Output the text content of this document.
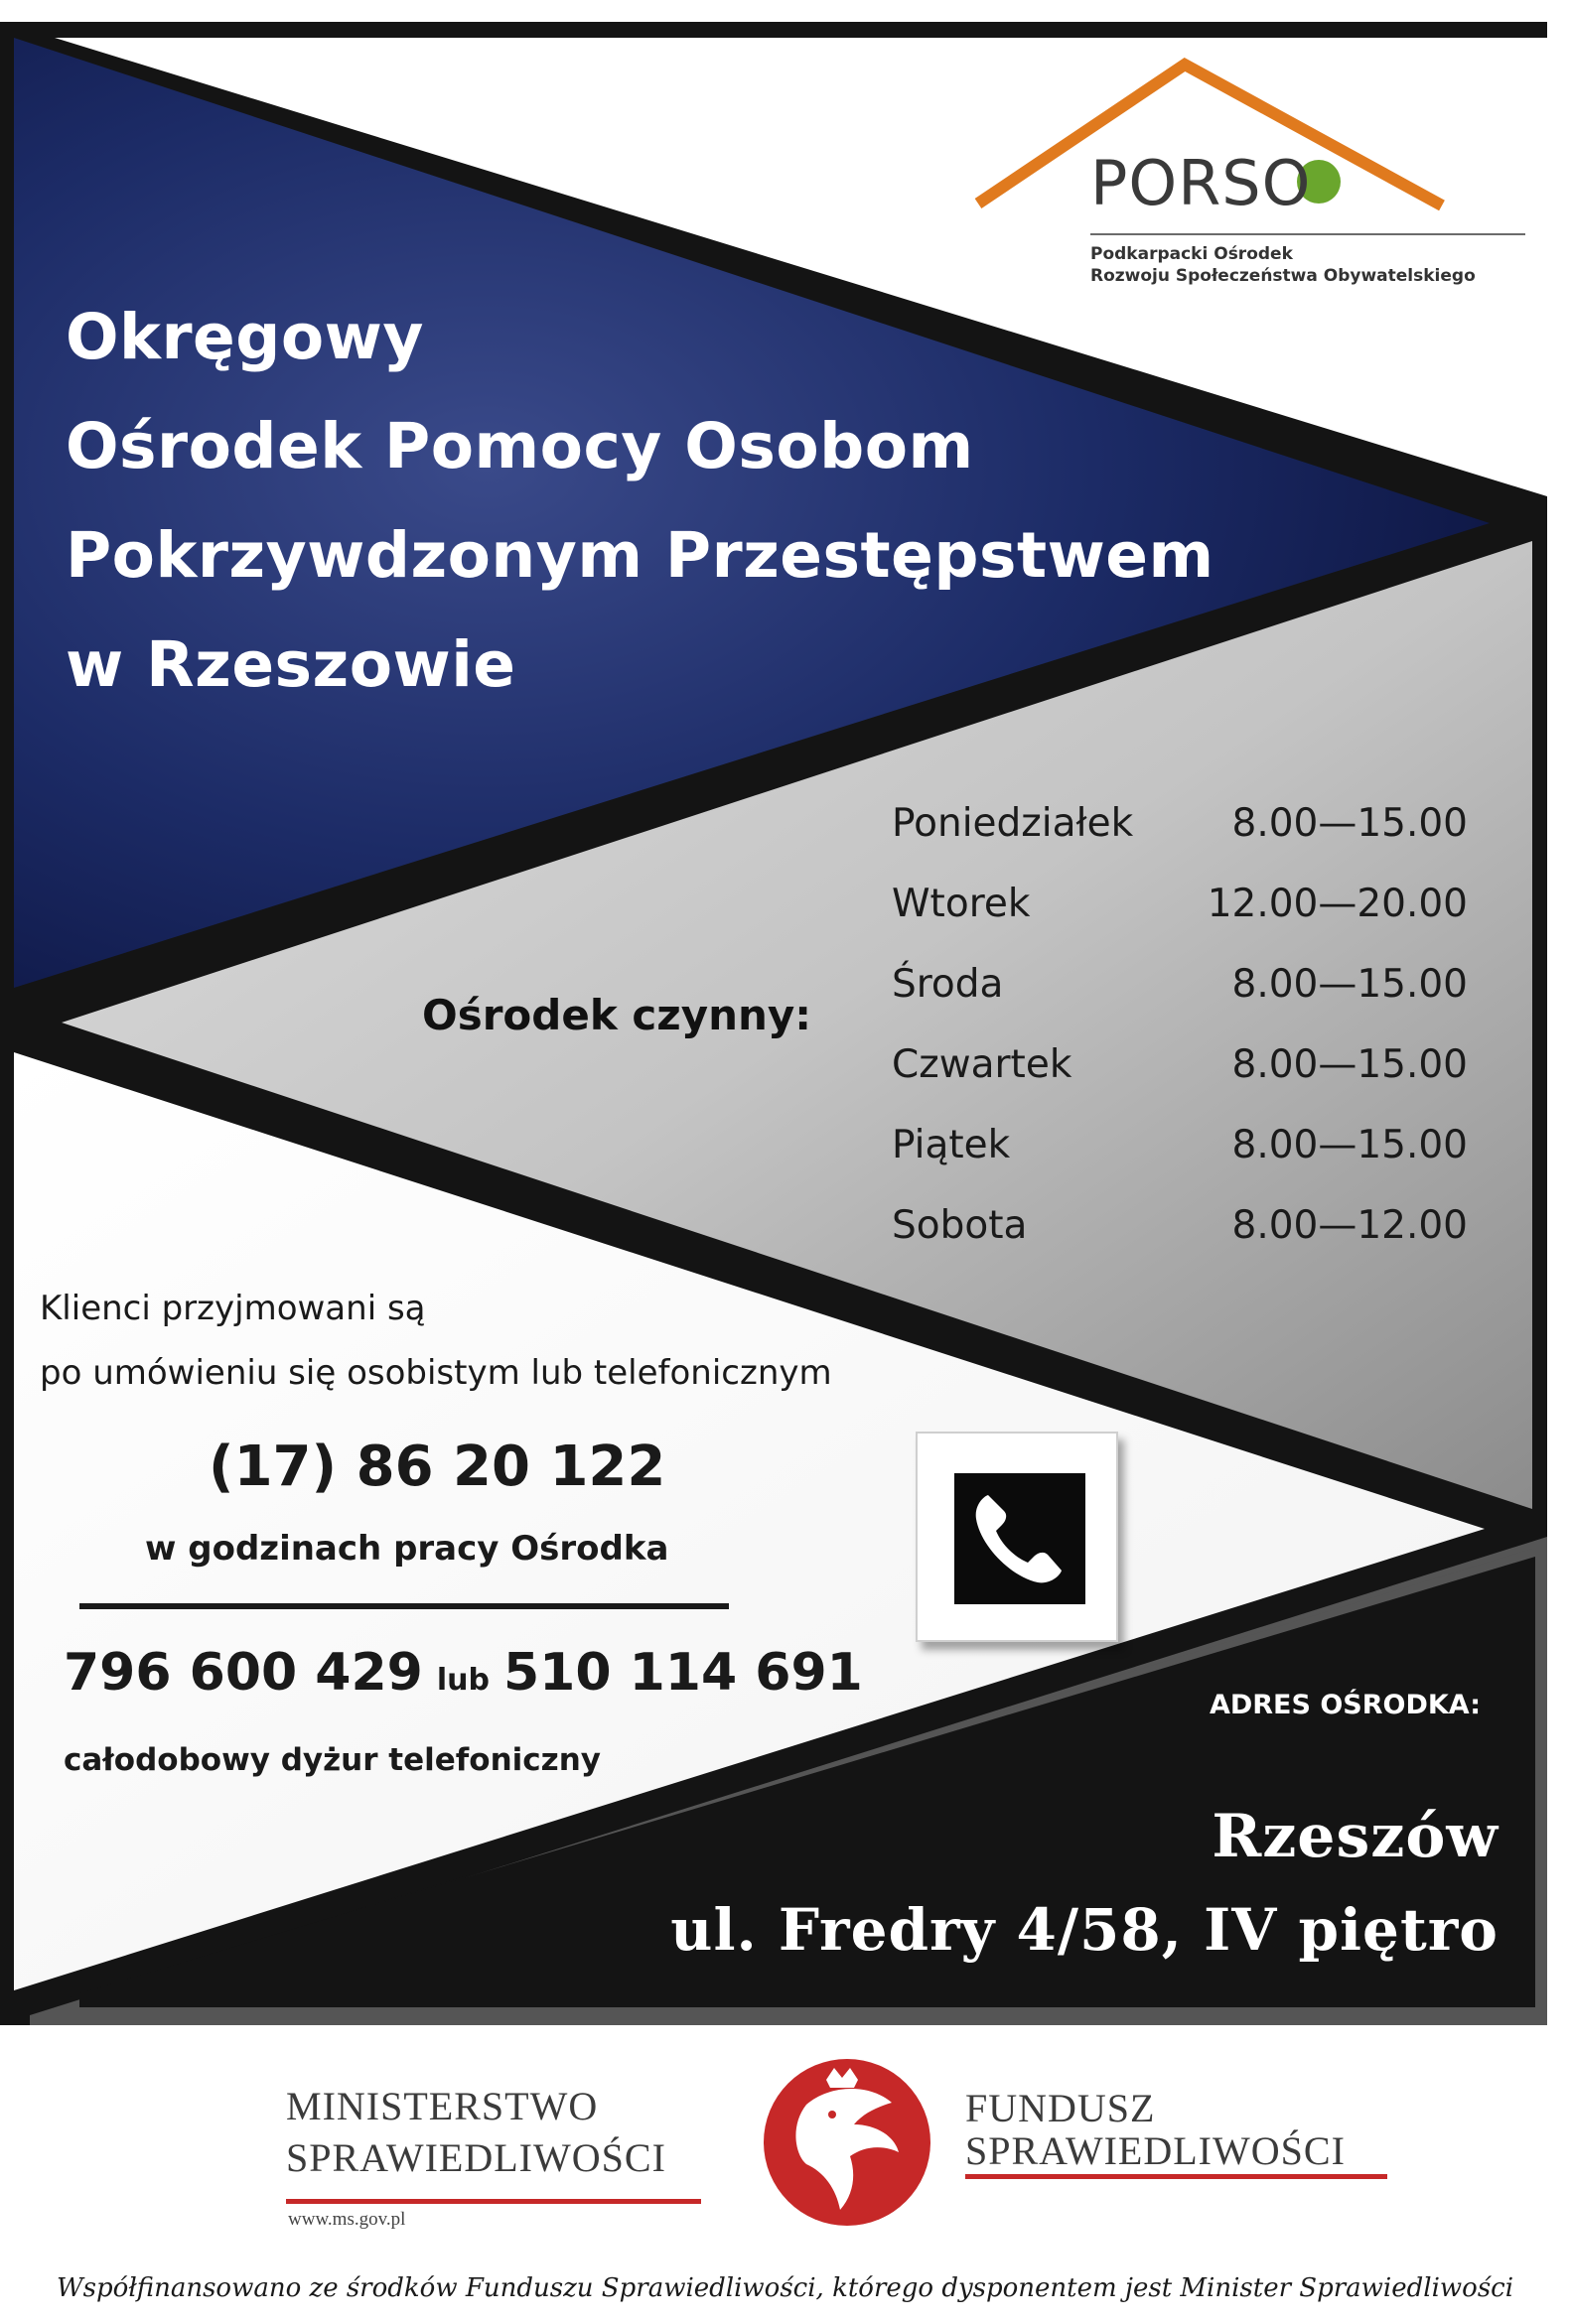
PORSO
Podkarpacki Ośrodek
Rozwoju Społeczeństwa Obywatelskiego
Okręgowy
Ośrodek Pomocy Osobom
Pokrzywdzonym Przestępstwem
w Rzeszowie
Ośrodek czynny:
Poniedziałek	8.00—15.00
Wtorek	12.00—20.00
Środa	8.00—15.00
Czwartek	8.00—15.00
Piątek	8.00—15.00
Sobota	8.00—12.00
Klienci przyjmowani są
po umówieniu się osobistym lub telefonicznym
(17) 86 20 122
w godzinach pracy Ośrodka
796 600 429 lub 510 114 691
całodobowy dyżur telefoniczny
ADRES OŚRODKA:
Rzeszów
ul. Fredry 4/58, IV piętro
MINISTERSTWO
SPRAWIEDLIWOŚCI
www.ms.gov.pl
FUNDUSZ
SPRAWIEDLIWOŚCI
Współfinansowano ze środków Funduszu Sprawiedliwości, którego dysponentem jest Minister Sprawiedliwości
